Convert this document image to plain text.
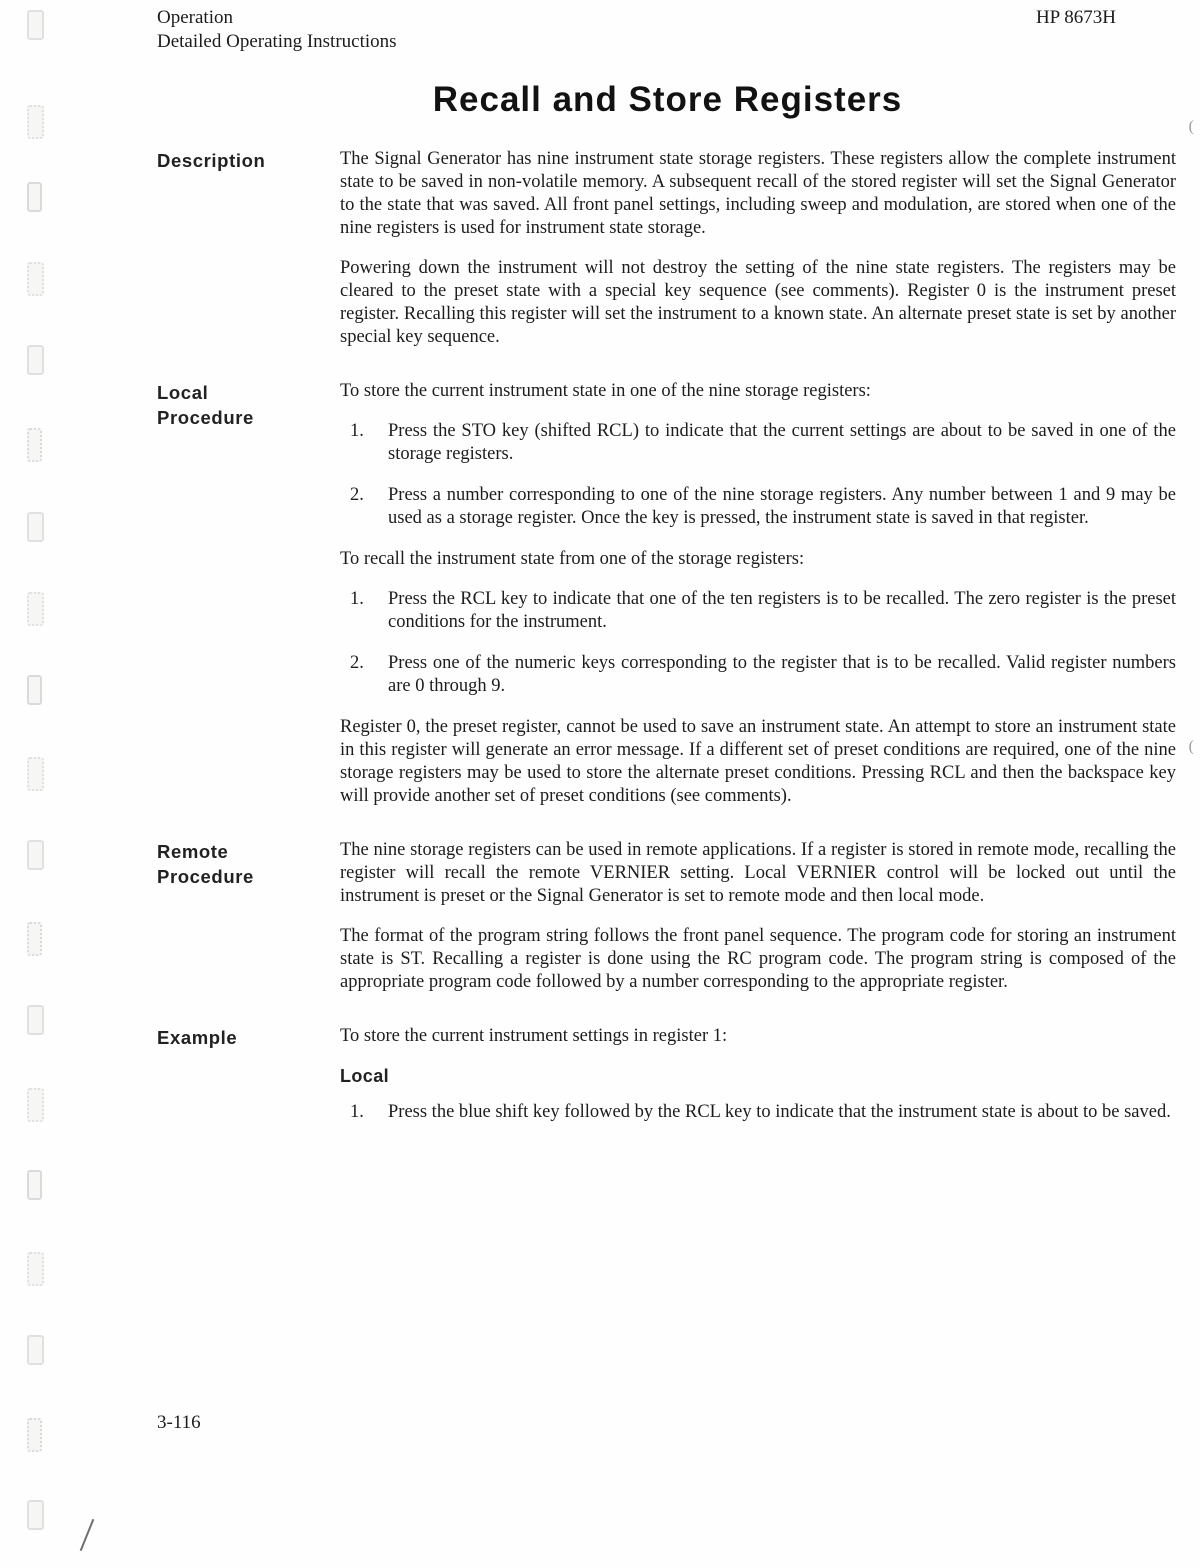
(
(
Operation
Detailed Operating Instructions
HP 8673H
Recall and Store Registers
Description	The Signal Generator has nine instrument state storage registers. These registers allow the complete instrument state to be saved in non-volatile memory. A subsequent recall of the stored register will set the Signal Generator to the state that was saved. All front panel settings, including sweep and modulation, are stored when one of the nine registers is used for instrument state storage.

Powering down the instrument will not destroy the setting of the nine state registers. The registers may be cleared to the preset state with a special key sequence (see comments). Register 0 is the instrument preset register. Recalling this register will set the instrument to a known state. An alternate preset state is set by another special key sequence.

Local
Procedure

To store the current instrument state in one of the nine storage registers:

1.	Press the STO key (shifted RCL) to indicate that the current settings are about to be saved in one of the storage registers.
2.	Press a number corresponding to one of the nine storage registers. Any number between 1 and 9 may be used as a storage register. Once the key is pressed, the instrument state is saved in that register.

To recall the instrument state from one of the storage registers:

1.	Press the RCL key to indicate that one of the ten registers is to be recalled. The zero register is the preset conditions for the instrument.
2.	Press one of the numeric keys corresponding to the register that is to be recalled. Valid register numbers are 0 through 9.

Register 0, the preset register, cannot be used to save an instrument state. An attempt to store an instrument state in this register will generate an error message. If a different set of preset conditions are required, one of the nine storage registers may be used to store the alternate preset conditions. Pressing RCL and then the backspace key will provide another set of preset conditions (see comments).

Remote
Procedure

The nine storage registers can be used in remote applications. If a register is stored in remote mode, recalling the register will recall the remote VERNIER setting. Local VERNIER control will be locked out until the instrument is preset or the Signal Generator is set to remote mode and then local mode.

The format of the program string follows the front panel sequence. The program code for storing an instrument state is ST. Recalling a register is done using the RC program code. The program string is composed of the appropriate program code followed by a number corresponding to the appropriate register.

Example	To store the current instrument settings in register 1:

Local
1.	Press the blue shift key followed by the RCL key to indicate that the instrument state is about to be saved.
3-116
